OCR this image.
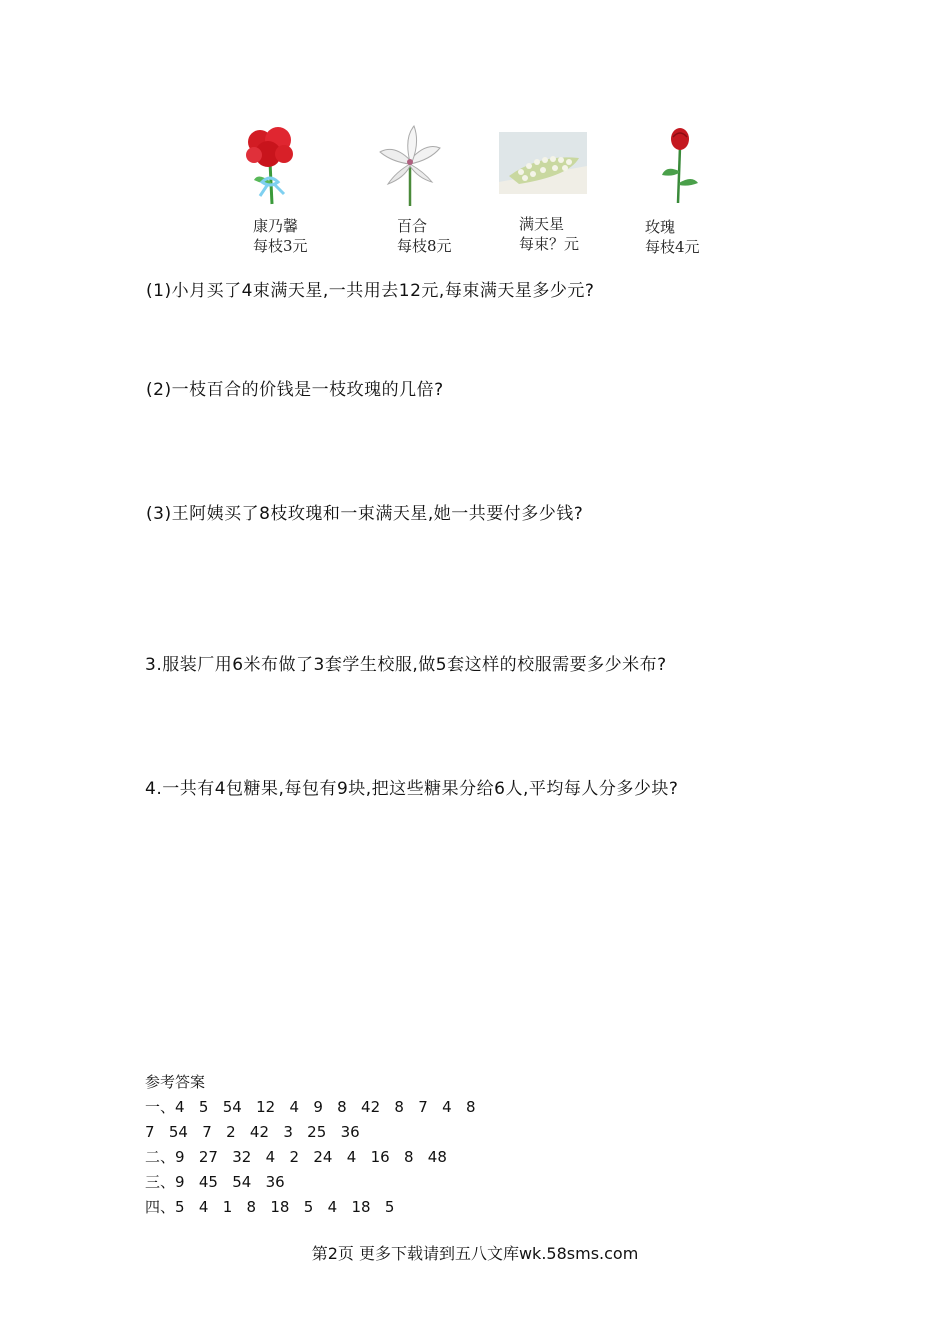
康乃馨
每枝3元
百合
每枝8元
满天星
每束？元
玫瑰
每枝4元
(1)小月买了4束满天星,一共用去12元,每束满天星多少元?
(2)一枝百合的价钱是一枝玫瑰的几倍?
(3)王阿姨买了8枝玫瑰和一束满天星,她一共要付多少钱?
3.服装厂用6米布做了3套学生校服,做5套这样的校服需要多少米布?
4.一共有4包糖果,每包有9块,把这些糖果分给6人,平均每人分多少块?
参考答案
一、4   5   54   12   4   9   8   42   8   7   4   8
7   54   7   2   42   3   25   36
二、9   27   32   4   2   24   4   16   8   48
三、9   45   54   36
四、5   4   1   8   18   5   4   18   5
第2页 更多下载请到五八文库wk.58sms.com
